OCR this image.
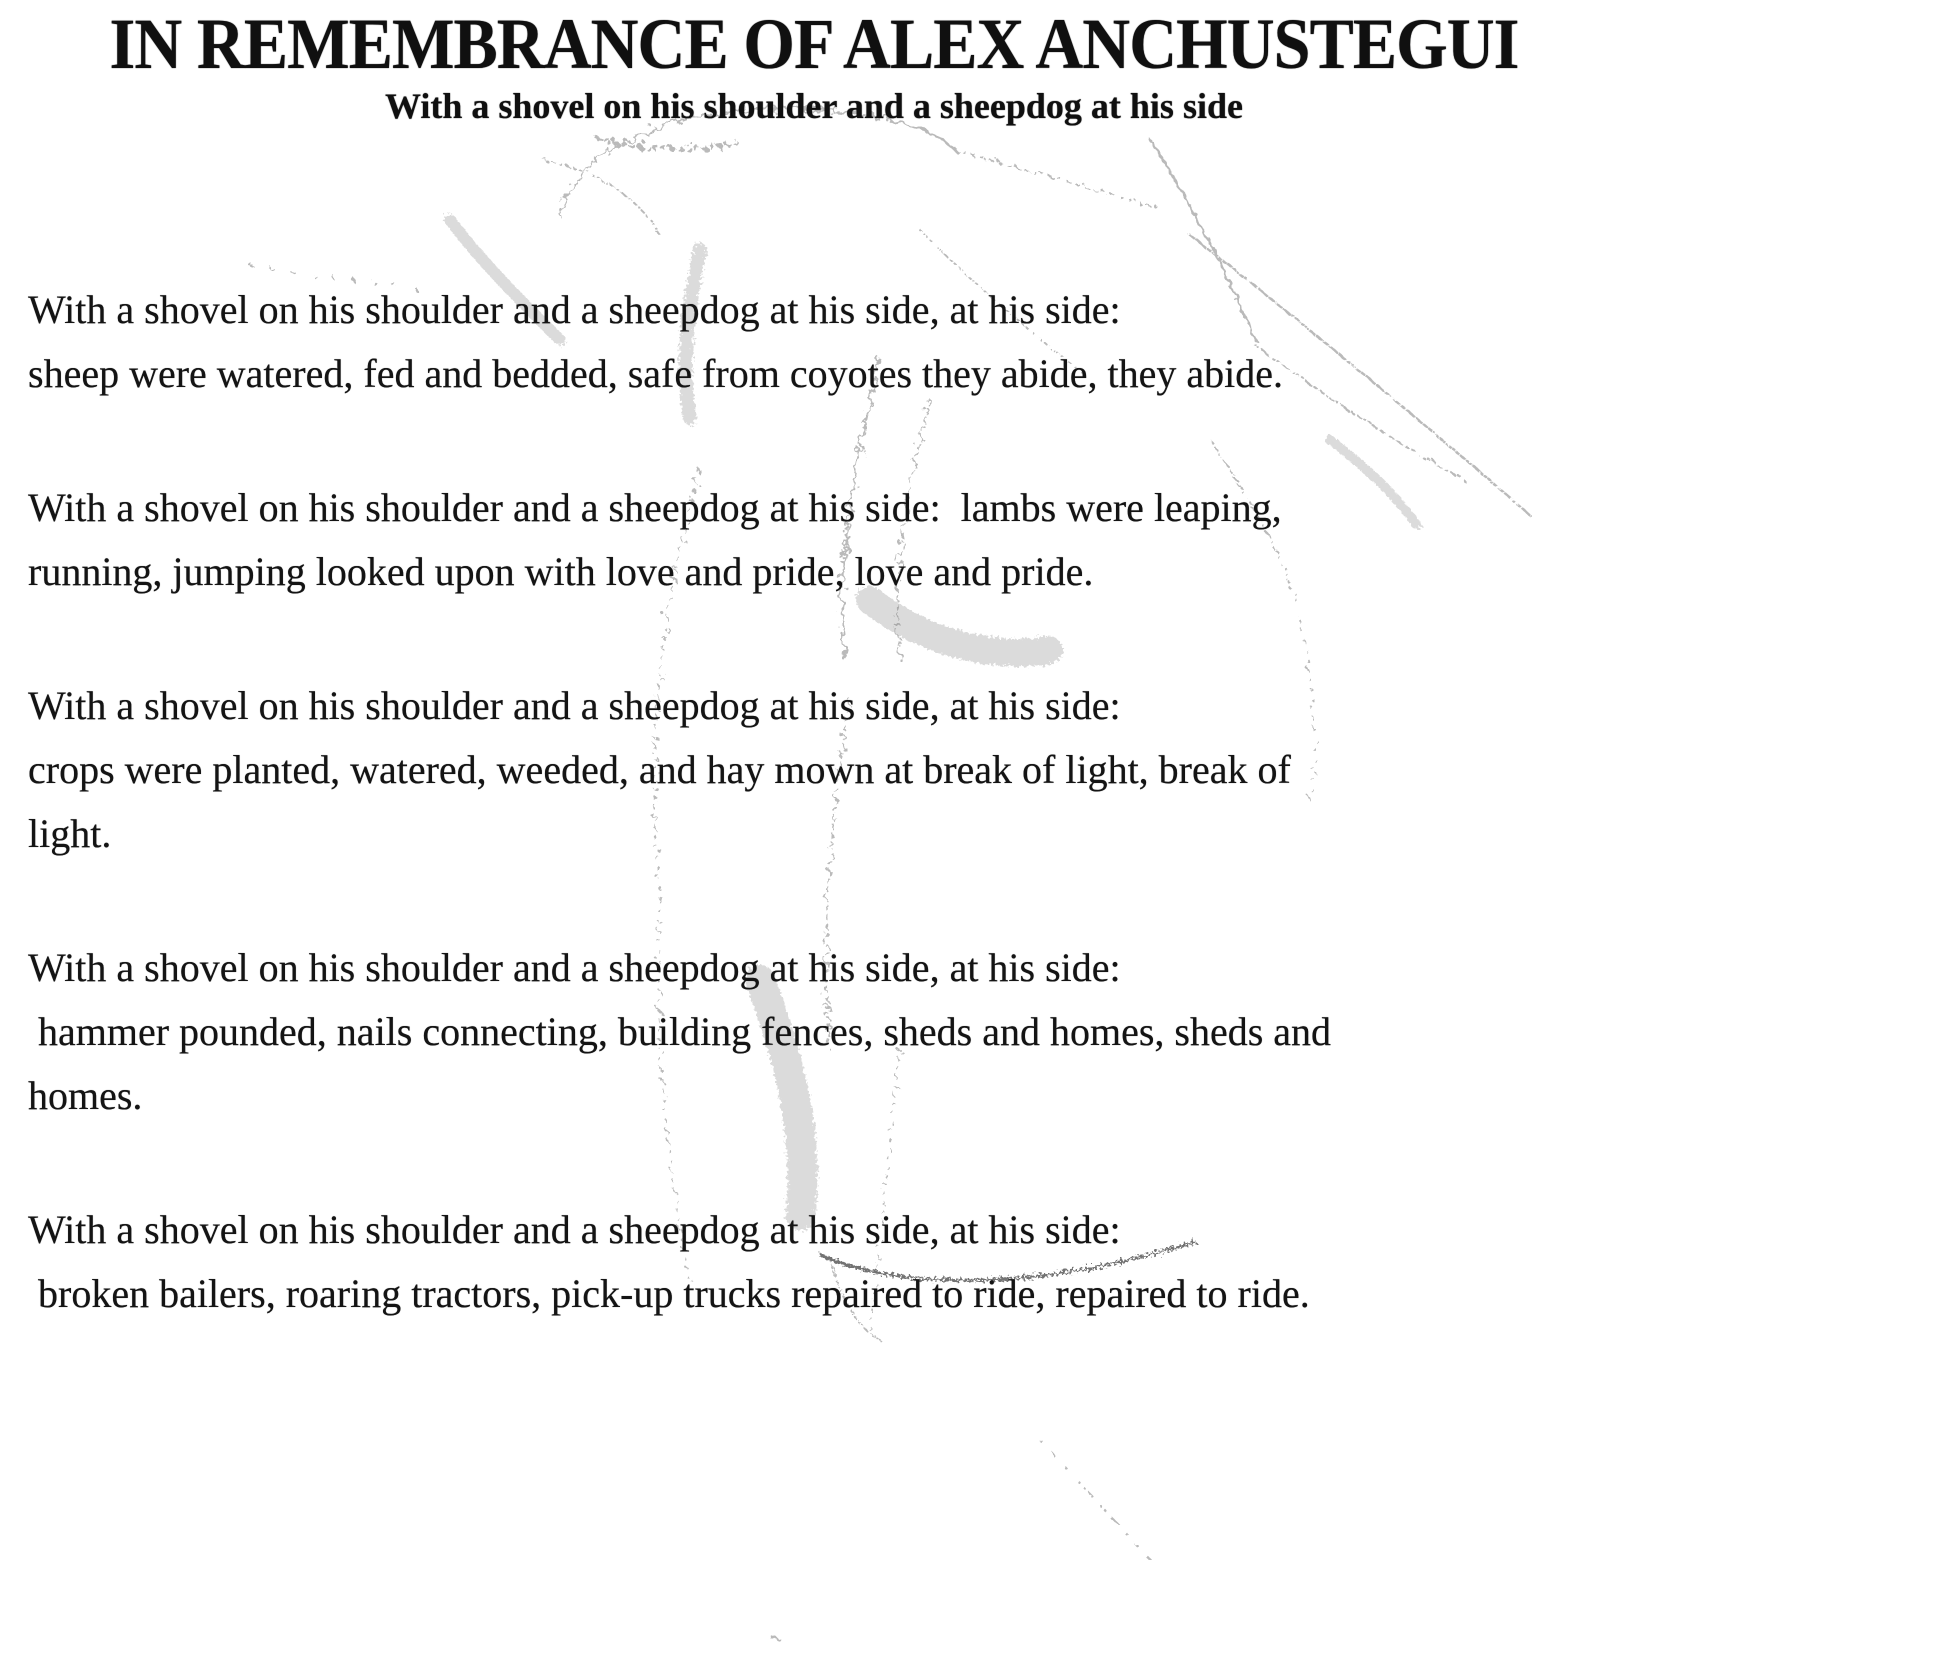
IN REMEMBRANCE OF ALEX ANCHUSTEGUI
With a shovel on his shoulder and a sheepdog at his side

With a shovel on his shoulder and a sheepdog at his side, at his side:
sheep were watered, fed and bedded, safe from coyotes they abide, they abide.

With a shovel on his shoulder and a sheepdog at his side:  lambs were leaping,
running, jumping looked upon with love and pride, love and pride.

With a shovel on his shoulder and a sheepdog at his side, at his side:
crops were planted, watered, weeded, and hay mown at break of light, break of
light.

With a shovel on his shoulder and a sheepdog at his side, at his side:
hammer pounded, nails connecting, building fences, sheds and homes, sheds and
homes.

With a shovel on his shoulder and a sheepdog at his side, at his side:
broken bailers, roaring tractors, pick-up trucks repaired to ride, repaired to ride.
